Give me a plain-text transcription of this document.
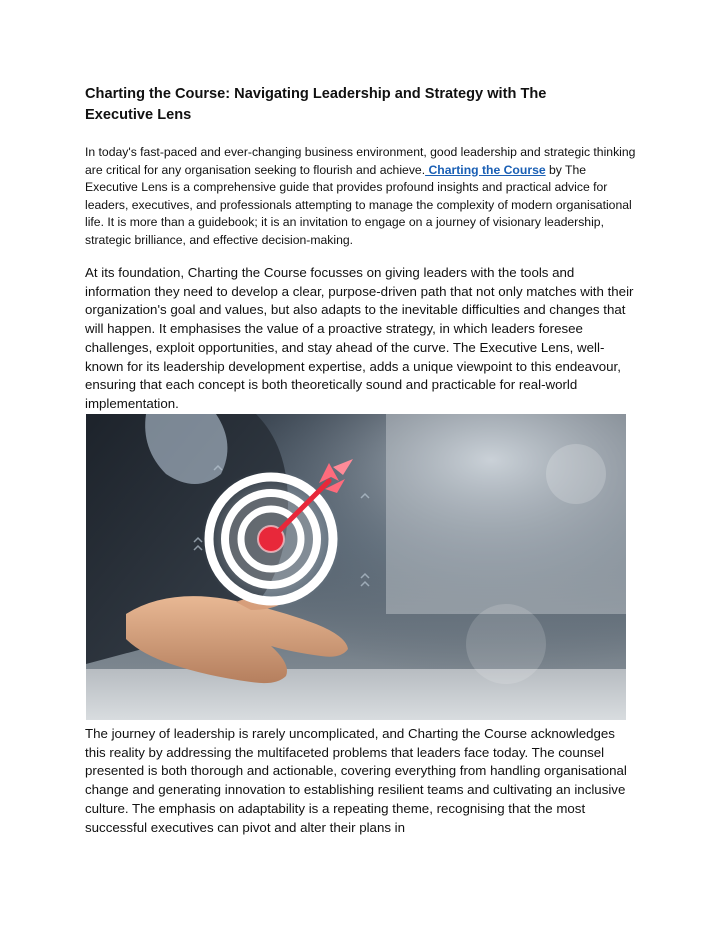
Charting the Course: Navigating Leadership and Strategy with The Executive Lens

In today's fast-paced and ever-changing business environment, good leadership and strategic thinking are critical for any organisation seeking to flourish and achieve. Charting the Course by The Executive Lens is a comprehensive guide that provides profound insights and practical advice for leaders, executives, and professionals attempting to manage the complexity of modern organisational life. It is more than a guidebook; it is an invitation to engage on a journey of visionary leadership, strategic brilliance, and effective decision-making.

At its foundation, Charting the Course focusses on giving leaders with the tools and information they need to develop a clear, purpose-driven path that not only matches with their organization's goal and values, but also adapts to the inevitable difficulties and changes that will happen. It emphasises the value of a proactive strategy, in which leaders foresee challenges, exploit opportunities, and stay ahead of the curve. The Executive Lens, well-known for its leadership development expertise, adds a unique viewpoint to this endeavour, ensuring that each concept is both theoretically sound and practicable for real-world implementation.

The journey of leadership is rarely uncomplicated, and Charting the Course acknowledges this reality by addressing the multifaceted problems that leaders face today. The counsel presented is both thorough and actionable, covering everything from handling organisational change and generating innovation to establishing resilient teams and cultivating an inclusive culture. The emphasis on adaptability is a repeating theme, recognising that the most successful executives can pivot and alter their plans in
